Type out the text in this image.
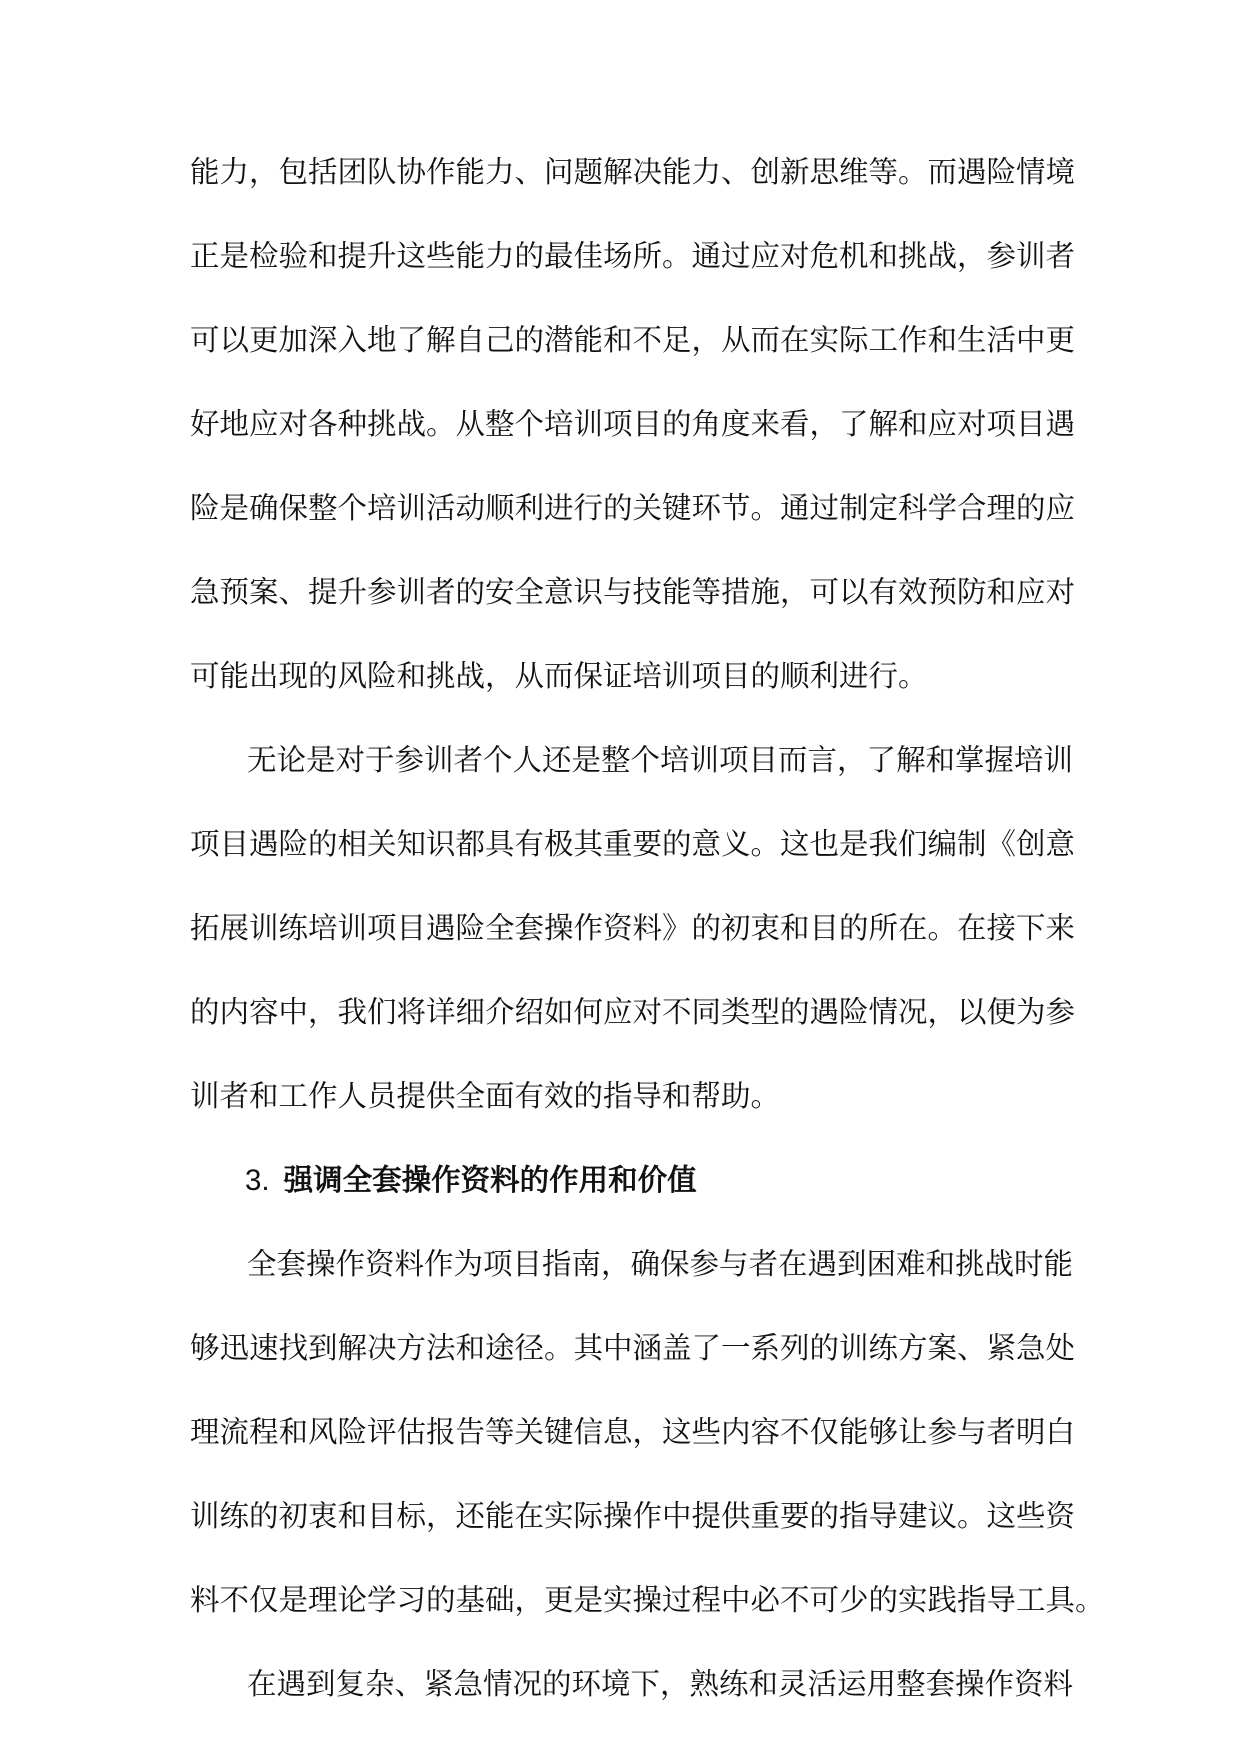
能力，包括团队协作能力、问题解决能力、创新思维等。而遇险情境
正是检验和提升这些能力的最佳场所。通过应对危机和挑战，参训者
可以更加深入地了解自己的潜能和不足，从而在实际工作和生活中更
好地应对各种挑战。从整个培训项目的角度来看，了解和应对项目遇
险是确保整个培训活动顺利进行的关键环节。通过制定科学合理的应
急预案、提升参训者的安全意识与技能等措施，可以有效预防和应对
可能出现的风险和挑战，从而保证培训项目的顺利进行。
无论是对于参训者个人还是整个培训项目而言，了解和掌握培训
项目遇险的相关知识都具有极其重要的意义。这也是我们编制《创意
拓展训练培训项目遇险全套操作资料》的初衷和目的所在。在接下来
的内容中，我们将详细介绍如何应对不同类型的遇险情况，以便为参
训者和工作人员提供全面有效的指导和帮助。
3. 强调全套操作资料的作用和价值
全套操作资料作为项目指南，确保参与者在遇到困难和挑战时能
够迅速找到解决方法和途径。其中涵盖了一系列的训练方案、紧急处
理流程和风险评估报告等关键信息，这些内容不仅能够让参与者明白
训练的初衷和目标，还能在实际操作中提供重要的指导建议。这些资
料不仅是理论学习的基础，更是实操过程中必不可少的实践指导工具。
在遇到复杂、紧急情况的环境下，熟练和灵活运用整套操作资料
